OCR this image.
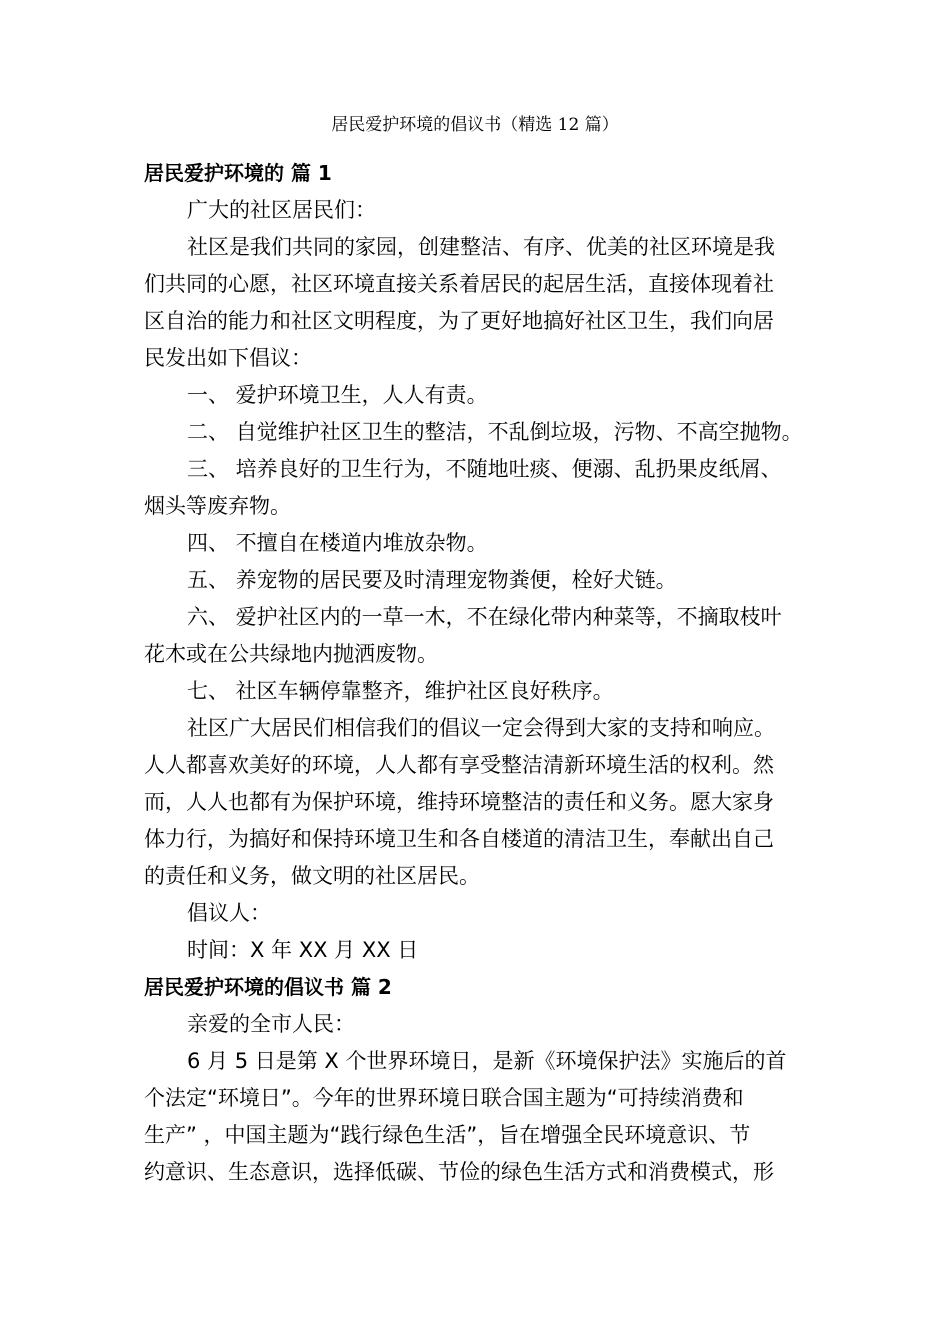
居民爱护环境的倡议书（精选 12 篇）

居民爱护环境的 篇 1

广大的社区居民们：

社区是我们共同的家园，创建整洁、有序、优美的社区环境是我
们共同的心愿，社区环境直接关系着居民的起居生活，直接体现着社
区自治的能力和社区文明程度，为了更好地搞好社区卫生，我们向居
民发出如下倡议：
一、 爱护环境卫生，人人有责。
二、 自觉维护社区卫生的整洁，不乱倒垃圾，污物、不高空抛物。
三、 培养良好的卫生行为，不随地吐痰、便溺、乱扔果皮纸屑、
烟头等废弃物。
四、 不擅自在楼道内堆放杂物。
五、 养宠物的居民要及时清理宠物粪便，栓好犬链。
六、 爱护社区内的一草一木，不在绿化带内种菜等，不摘取枝叶
花木或在公共绿地内抛洒废物。
七、 社区车辆停靠整齐，维护社区良好秩序。
社区广大居民们相信我们的倡议一定会得到大家的支持和响应。
人人都喜欢美好的环境，人人都有享受整洁清新环境生活的权利。然
而，人人也都有为保护环境，维持环境整洁的责任和义务。愿大家身
体力行，为搞好和保持环境卫生和各自楼道的清洁卫生，奉献出自己
的责任和义务，做文明的社区居民。

倡议人：

时间：X 年 XX 月 XX 日

居民爱护环境的倡议书 篇 2

亲爱的全市人民：

6 月 5 日是第 X 个世界环境日，是新《环境保护法》实施后的首
个法定“环境日”。今年的世界环境日联合国主题为“可持续消费和
生产” ，中国主题为“践行绿色生活”，旨在增强全民环境意识、节
约意识、生态意识，选择低碳、节俭的绿色生活方式和消费模式，形
